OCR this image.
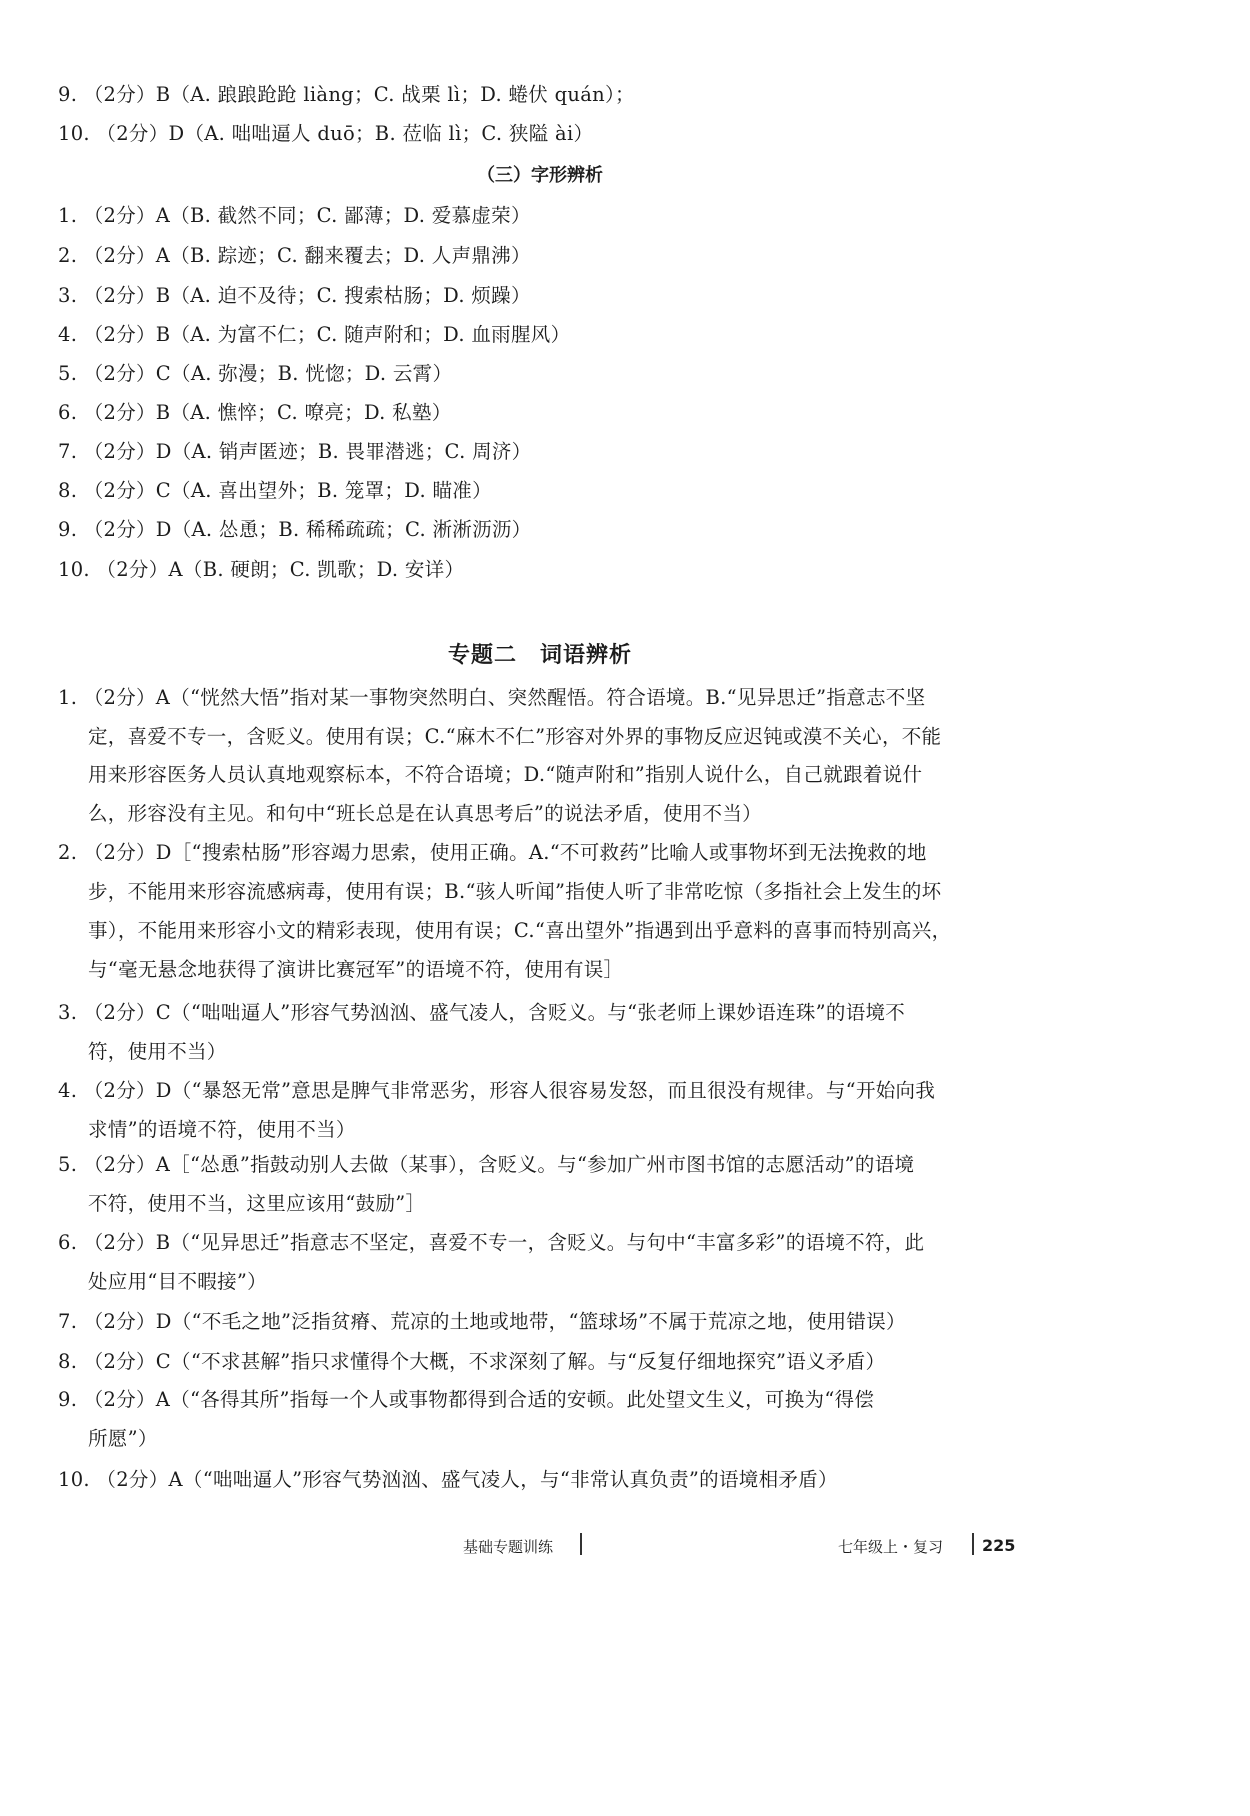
9. （2分）B（A. 踉踉跄跄 liàng；C. 战栗 lì；D. 蜷伏 quán）；
10. （2分）D（A. 咄咄逼人 duō；B. 莅临 lì；C. 狭隘 ài）
（三）字形辨析
1. （2分）A（B. 截然不同；C. 鄙薄；D. 爱慕虚荣）
2. （2分）A（B. 踪迹；C. 翻来覆去；D. 人声鼎沸）
3. （2分）B（A. 迫不及待；C. 搜索枯肠；D. 烦躁）
4. （2分）B（A. 为富不仁；C. 随声附和；D. 血雨腥风）
5. （2分）C（A. 弥漫；B. 恍惚；D. 云霄）
6. （2分）B（A. 憔悴；C. 嘹亮；D. 私塾）
7. （2分）D（A. 销声匿迹；B. 畏罪潜逃；C. 周济）
8. （2分）C（A. 喜出望外；B. 笼罩；D. 瞄准）
9. （2分）D（A. 怂恿；B. 稀稀疏疏；C. 淅淅沥沥）
10. （2分）A（B. 硬朗；C. 凯歌；D. 安详）
专题二　词语辨析
1. （2分）A（“恍然大悟”指对某一事物突然明白、突然醒悟。符合语境。B.“见异思迁”指意志不坚
定，喜爱不专一，含贬义。使用有误；C.“麻木不仁”形容对外界的事物反应迟钝或漠不关心，不能
用来形容医务人员认真地观察标本，不符合语境；D.“随声附和”指别人说什么，自己就跟着说什
么，形容没有主见。和句中“班长总是在认真思考后”的说法矛盾，使用不当）
2. （2分）D［“搜索枯肠”形容竭力思索，使用正确。A.“不可救药”比喻人或事物坏到无法挽救的地
步，不能用来形容流感病毒，使用有误；B.“骇人听闻”指使人听了非常吃惊（多指社会上发生的坏
事），不能用来形容小文的精彩表现，使用有误；C.“喜出望外”指遇到出乎意料的喜事而特别高兴，
与“毫无悬念地获得了演讲比赛冠军”的语境不符，使用有误］
3. （2分）C（“咄咄逼人”形容气势汹汹、盛气凌人，含贬义。与“张老师上课妙语连珠”的语境不
符，使用不当）
4. （2分）D（“暴怒无常”意思是脾气非常恶劣，形容人很容易发怒，而且很没有规律。与“开始向我
求情”的语境不符，使用不当）
5. （2分）A［“怂恿”指鼓动别人去做（某事），含贬义。与“参加广州市图书馆的志愿活动”的语境
不符，使用不当，这里应该用“鼓励”］
6. （2分）B（“见异思迁”指意志不坚定，喜爱不专一，含贬义。与句中“丰富多彩”的语境不符，此
处应用“目不暇接”）
7. （2分）D（“不毛之地”泛指贫瘠、荒凉的土地或地带，“篮球场”不属于荒凉之地，使用错误）
8. （2分）C（“不求甚解”指只求懂得个大概，不求深刻了解。与“反复仔细地探究”语义矛盾）
9. （2分）A（“各得其所”指每一个人或事物都得到合适的安顿。此处望文生义，可换为“得偿
所愿”）
10. （2分）A（“咄咄逼人”形容气势汹汹、盛气凌人，与“非常认真负责”的语境相矛盾）
基础专题训练	七年级上・复习 225
